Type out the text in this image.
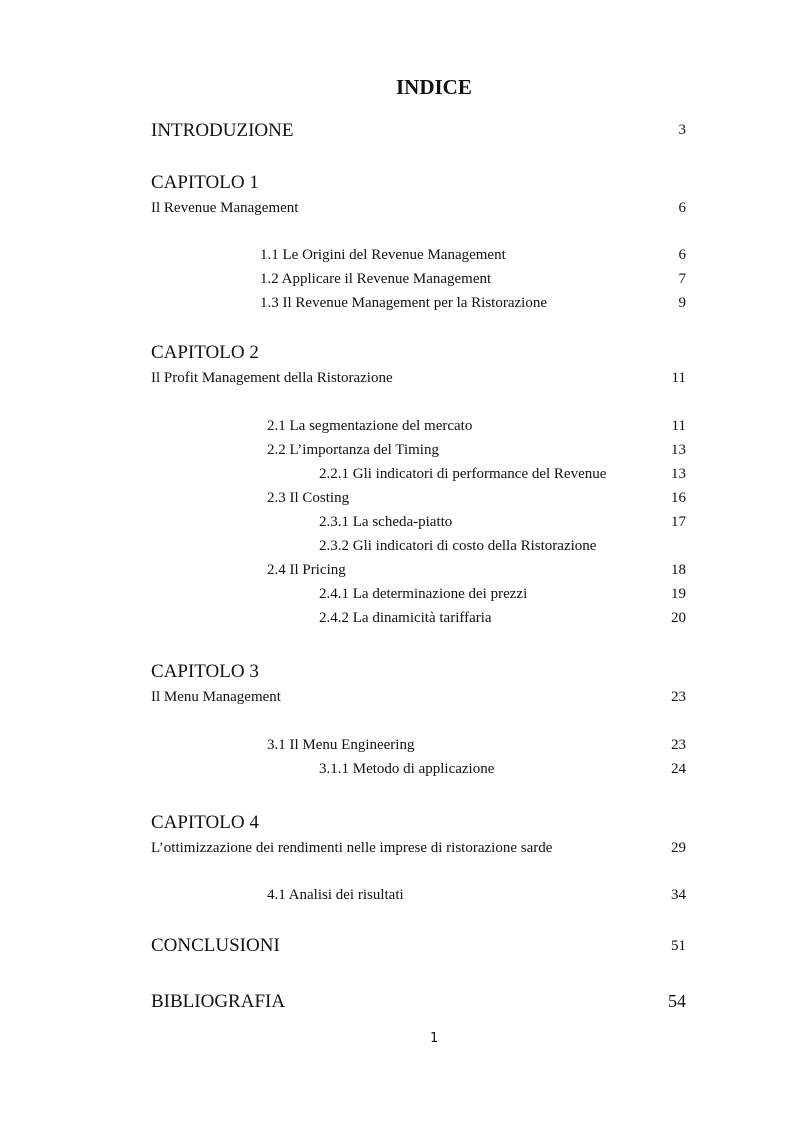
INDICE
INTRODUZIONE	3
CAPITOLO 1
Il Revenue Management	6
1.1 Le Origini del Revenue Management	6
1.2 Applicare il Revenue Management	7
1.3 Il Revenue Management per la Ristorazione	9
CAPITOLO 2
Il Profit Management della Ristorazione	11
2.1 La segmentazione del mercato	11
2.2 L’importanza del Timing	13
2.2.1 Gli indicatori di performance del Revenue	13
2.3 Il Costing	16
2.3.1 La scheda-piatto	17
2.3.2 Gli indicatori di costo della Ristorazione
2.4 Il Pricing	18
2.4.1 La determinazione dei prezzi	19
2.4.2 La dinamicità tariffaria	20
CAPITOLO 3
Il Menu Management	23
3.1 Il Menu Engineering	23
3.1.1 Metodo di applicazione	24
CAPITOLO 4
L’ottimizzazione dei rendimenti nelle imprese di ristorazione sarde	29
4.1 Analisi dei risultati	34
CONCLUSIONI	51
BIBLIOGRAFIA	54
1
